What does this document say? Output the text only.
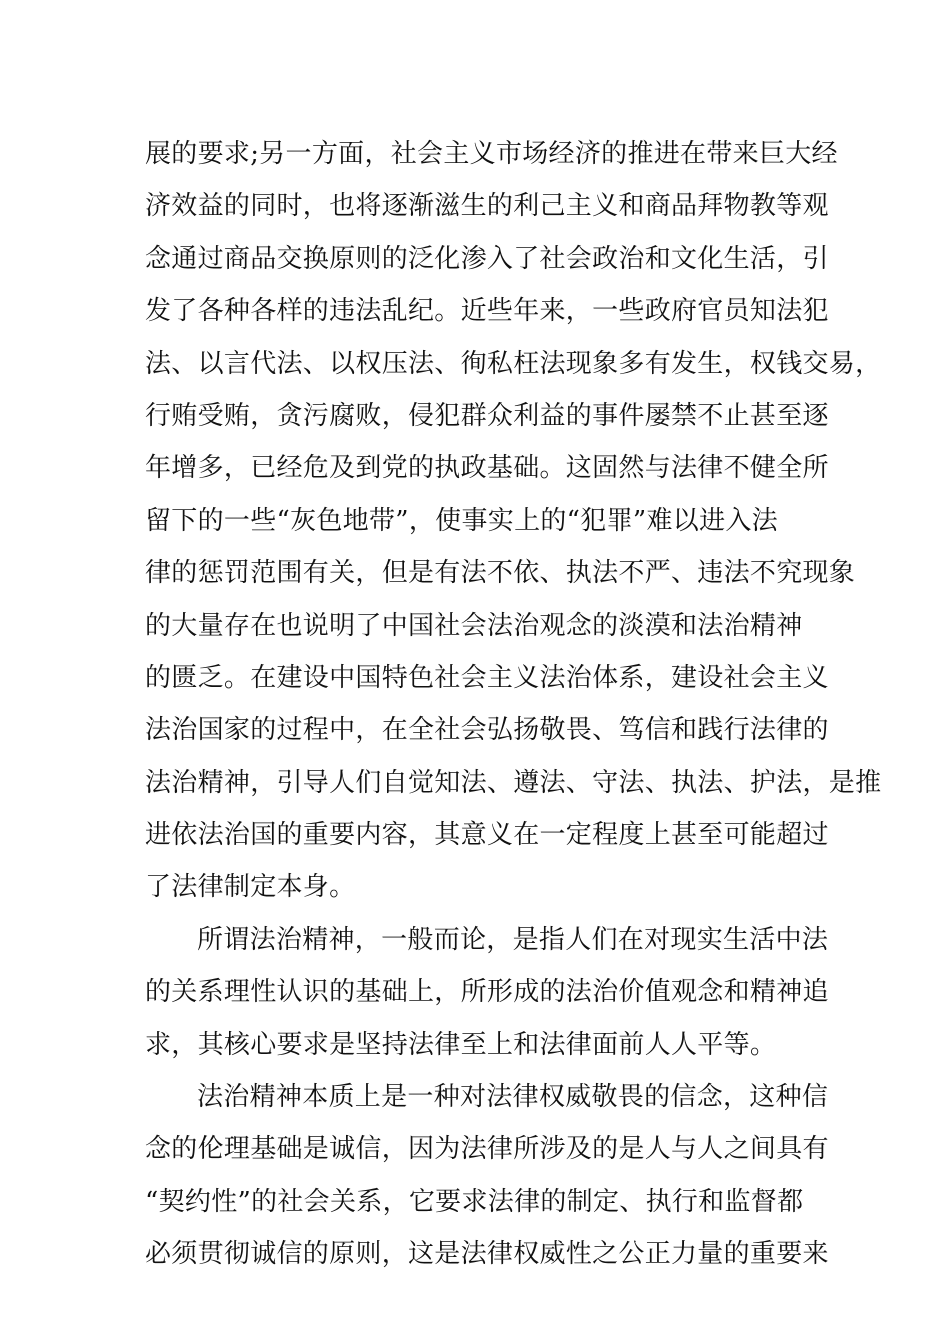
展的要求;另一方面，社会主义市场经济的推进在带来巨大经
济效益的同时，也将逐渐滋生的利己主义和商品拜物教等观
念通过商品交换原则的泛化渗入了社会政治和文化生活，引
发了各种各样的违法乱纪。近些年来，一些政府官员知法犯
法、以言代法、以权压法、徇私枉法现象多有发生，权钱交易，
行贿受贿，贪污腐败，侵犯群众利益的事件屡禁不止甚至逐
年增多，已经危及到党的执政基础。这固然与法律不健全所
留下的一些“灰色地带”，使事实上的“犯罪”难以进入法
律的惩罚范围有关，但是有法不依、执法不严、违法不究现象
的大量存在也说明了中国社会法治观念的淡漠和法治精神
的匮乏。在建设中国特色社会主义法治体系，建设社会主义
法治国家的过程中，在全社会弘扬敬畏、笃信和践行法律的
法治精神，引导人们自觉知法、遵法、守法、执法、护法，是推
进依法治国的重要内容，其意义在一定程度上甚至可能超过
了法律制定本身。
所谓法治精神，一般而论，是指人们在对现实生活中法
的关系理性认识的基础上，所形成的法治价值观念和精神追
求，其核心要求是坚持法律至上和法律面前人人平等。
法治精神本质上是一种对法律权威敬畏的信念，这种信
念的伦理基础是诚信，因为法律所涉及的是人与人之间具有
“契约性”的社会关系，它要求法律的制定、执行和监督都
必须贯彻诚信的原则，这是法律权威性之公正力量的重要来
